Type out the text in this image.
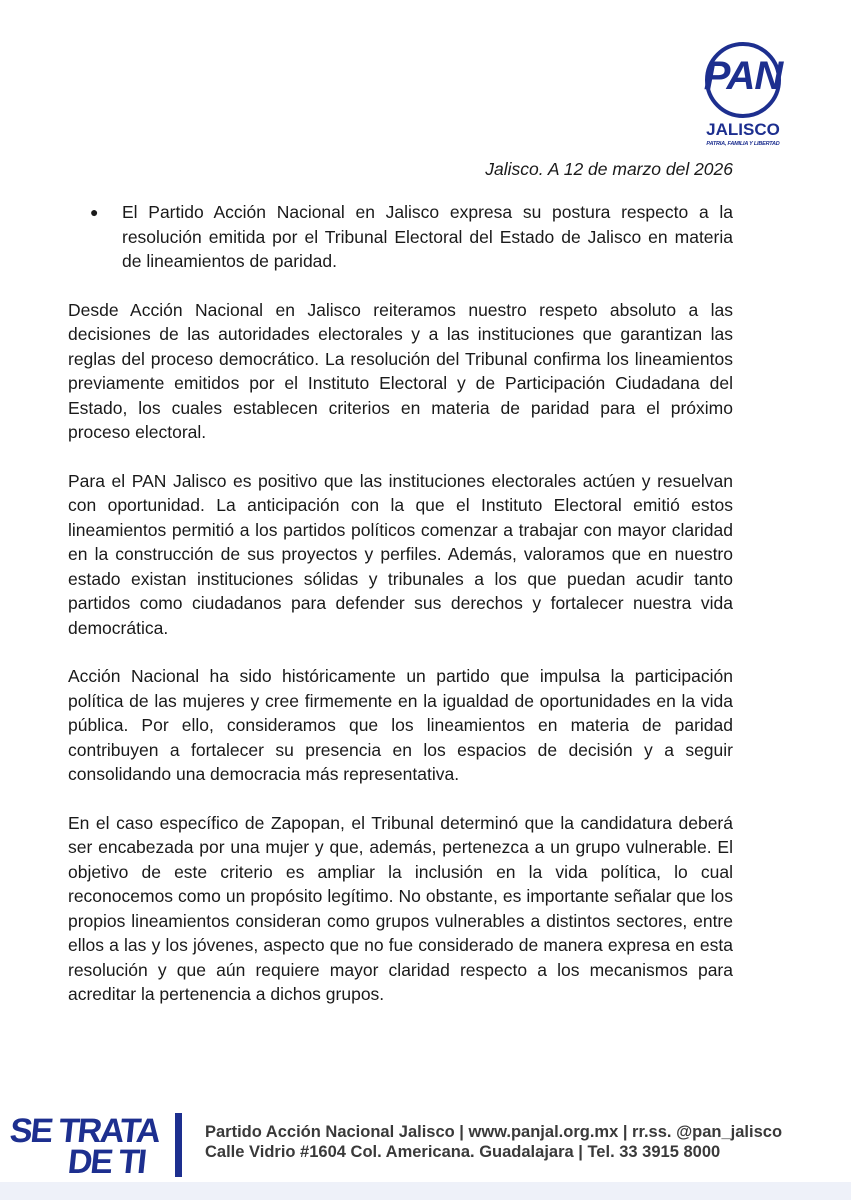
PAN
JALISCO
PATRIA, FAMILIA Y LIBERTAD
Jalisco. A 12 de marzo del 2026
●	El Partido Acción Nacional en Jalisco expresa su postura respecto a la resolución emitida por el Tribunal Electoral del Estado de Jalisco en materia de lineamientos de paridad.

Desde Acción Nacional en Jalisco reiteramos nuestro respeto absoluto a las decisiones de las autoridades electorales y a las instituciones que garantizan las reglas del proceso democrático. La resolución del Tribunal confirma los lineamientos previamente emitidos por el Instituto Electoral y de Participación Ciudadana del Estado, los cuales establecen criterios en materia de paridad para el próximo proceso electoral.

Para el PAN Jalisco es positivo que las instituciones electorales actúen y resuelvan con oportunidad. La anticipación con la que el Instituto Electoral emitió estos lineamientos permitió a los partidos políticos comenzar a trabajar con mayor claridad en la construcción de sus proyectos y perfiles. Además, valoramos que en nuestro estado existan instituciones sólidas y tribunales a los que puedan acudir tanto partidos como ciudadanos para defender sus derechos y fortalecer nuestra vida democrática.

Acción Nacional ha sido históricamente un partido que impulsa la participación política de las mujeres y cree firmemente en la igualdad de oportunidades en la vida pública. Por ello, consideramos que los lineamientos en materia de paridad contribuyen a fortalecer su presencia en los espacios de decisión y a seguir consolidando una democracia más representativa.

En el caso específico de Zapopan, el Tribunal determinó que la candidatura deberá ser encabezada por una mujer y que, además, pertenezca a un grupo vulnerable. El objetivo de este criterio es ampliar la inclusión en la vida política, lo cual reconocemos como un propósito legítimo. No obstante, es importante señalar que los propios lineamientos consideran como grupos vulnerables a distintos sectores, entre ellos a las y los jóvenes, aspecto que no fue considerado de manera expresa en esta resolución y que aún requiere mayor claridad respecto a los mecanismos para acreditar la pertenencia a dichos grupos.

SE TRATA
DE TI
Partido Acción Nacional Jalisco | www.panjal.org.mx | rr.ss. @pan_jalisco
Calle Vidrio #1604 Col. Americana. Guadalajara | Tel. 33 3915 8000
